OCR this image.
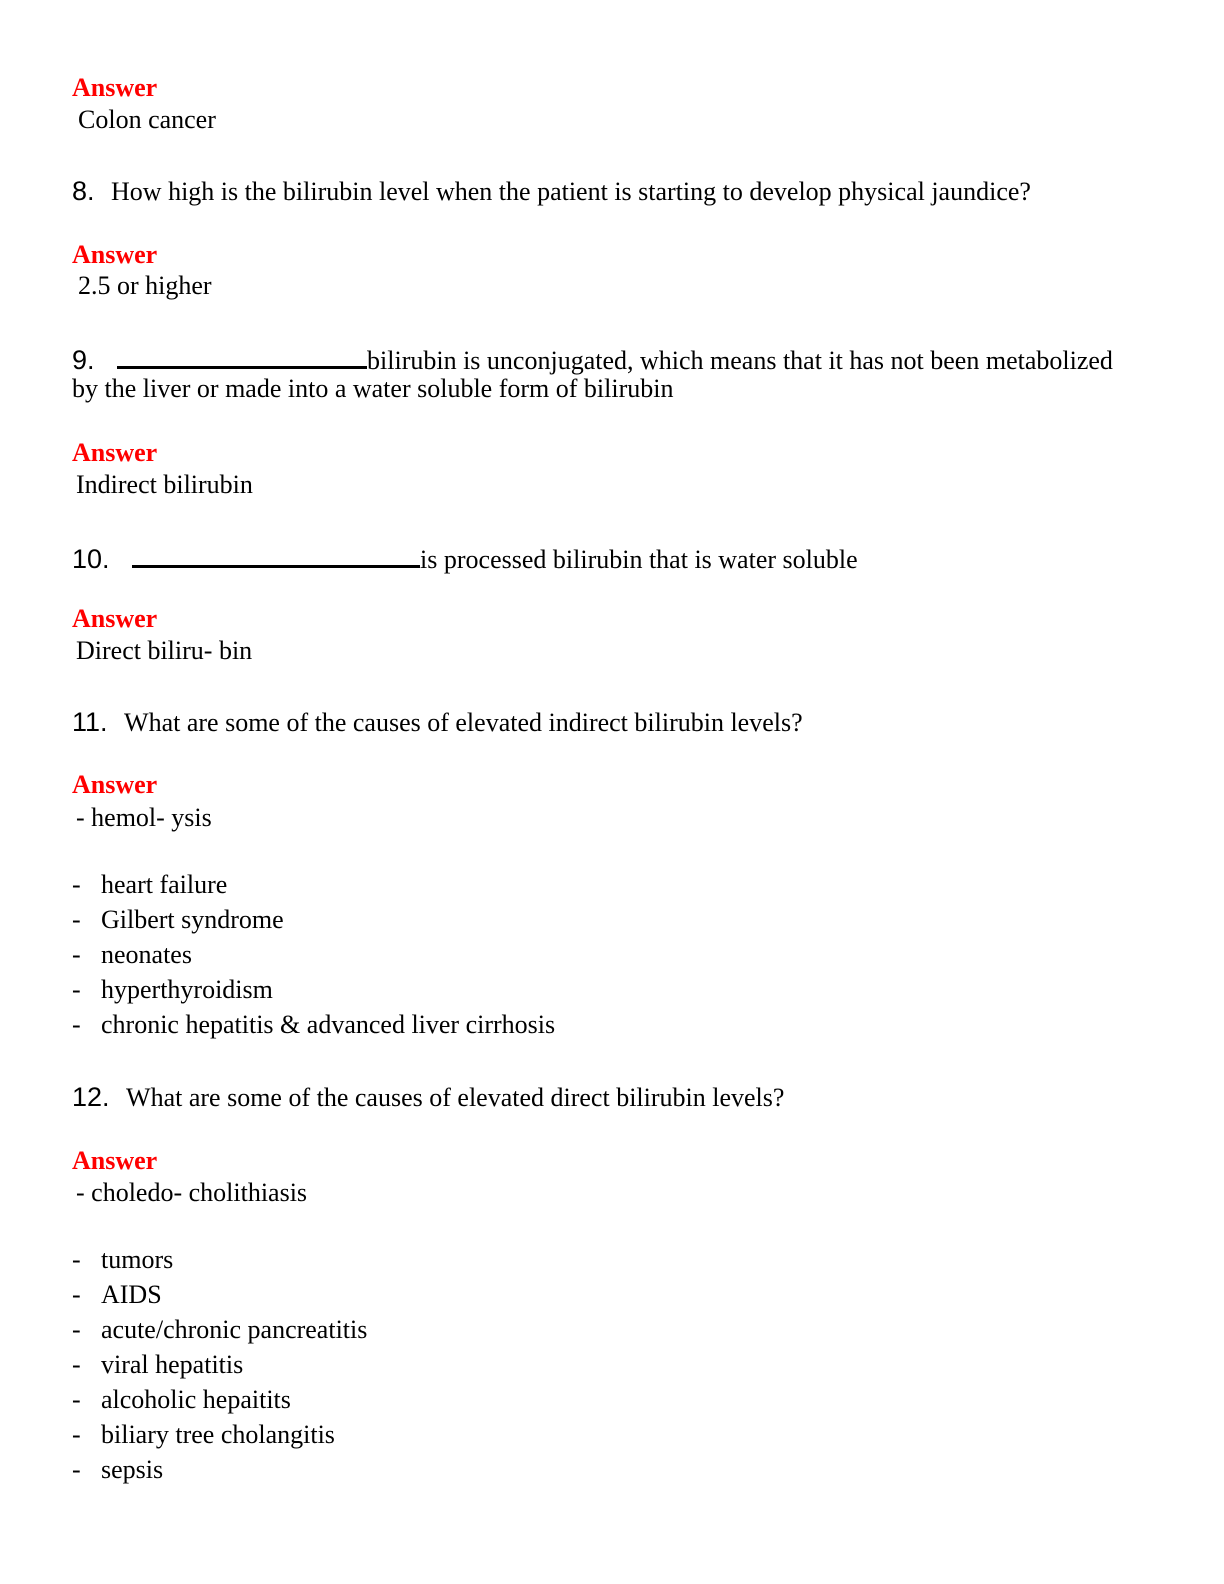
Answer
Colon cancer
8. How high is the bilirubin level when the patient is starting to develop physical jaundice?
Answer
2.5 or higher
9.	bilirubin is unconjugated, which means that it has not been metabolized
by the liver or made into a water soluble form of bilirubin
Answer
Indirect bilirubin
10.	is processed bilirubin that is water soluble
Answer
Direct biliru- bin
11. What are some of the causes of elevated indirect bilirubin levels?
Answer
- hemol- ysis
- heart failure
- Gilbert syndrome
- neonates
- hyperthyroidism
- chronic hepatitis & advanced liver cirrhosis
12. What are some of the causes of elevated direct bilirubin levels?
Answer
- choledo- cholithiasis
- tumors
- AIDS
- acute/chronic pancreatitis
- viral hepatitis
- alcoholic hepaitits
- biliary tree cholangitis
- sepsis
